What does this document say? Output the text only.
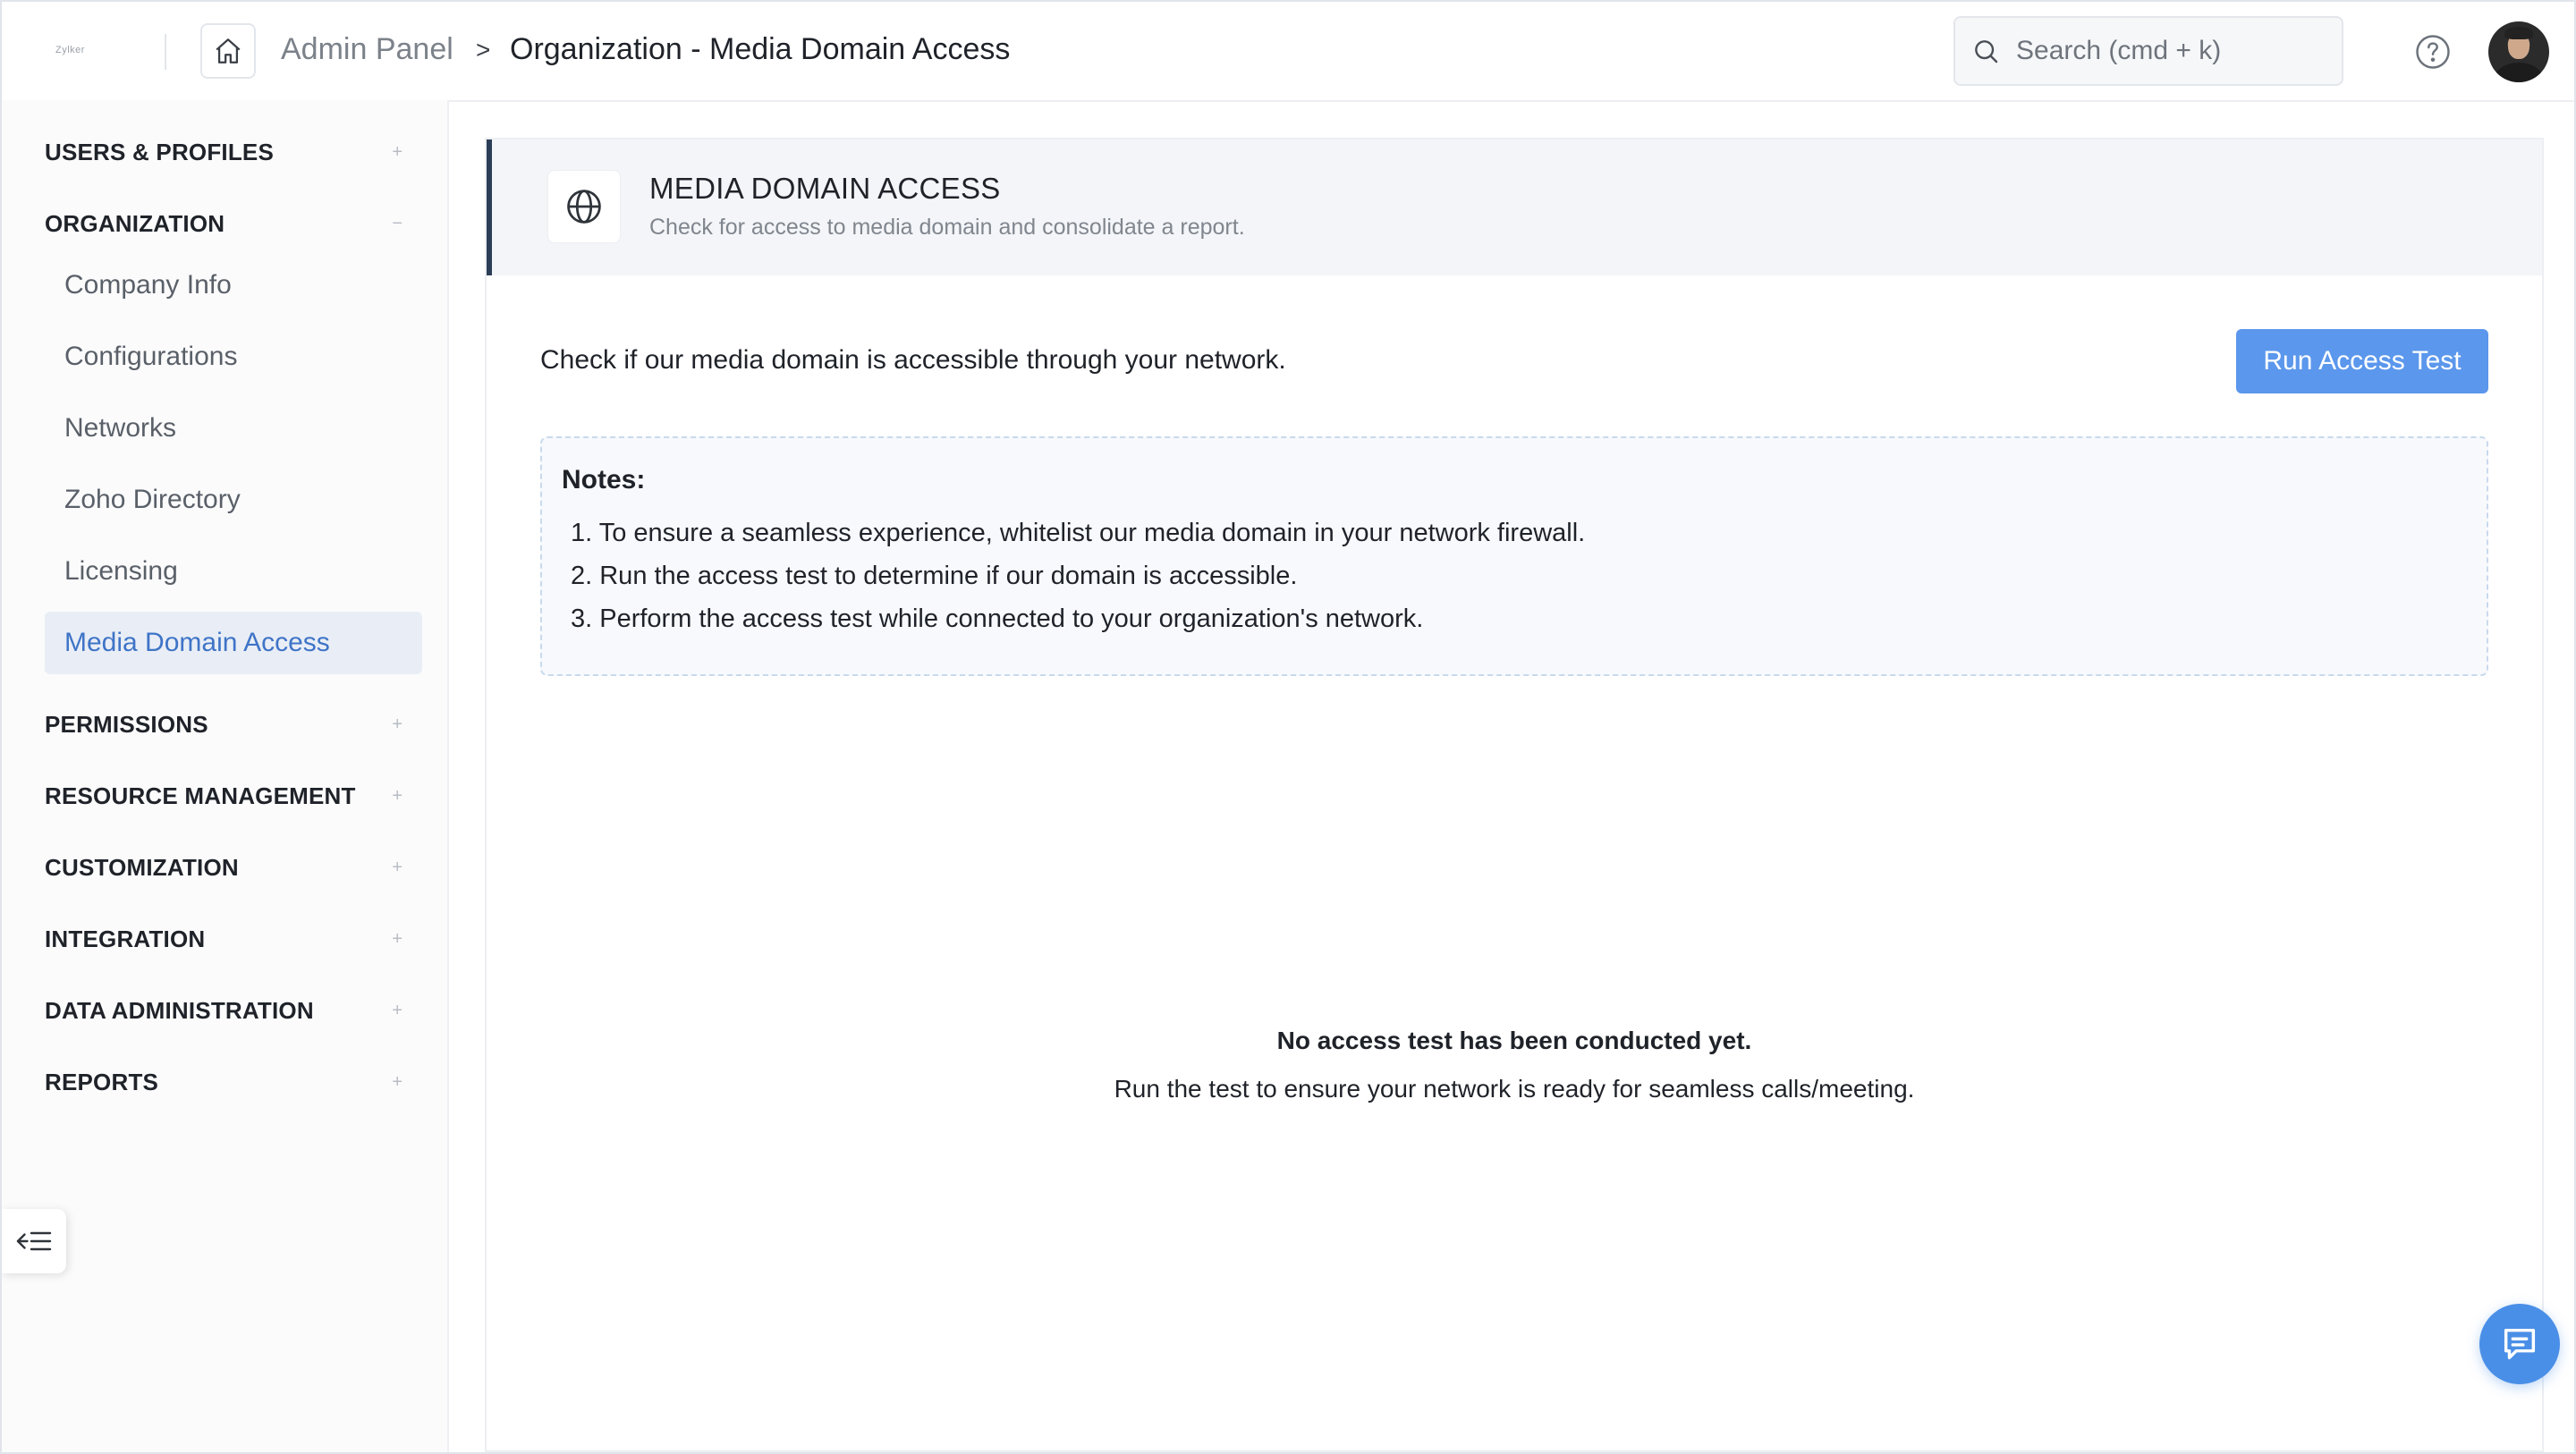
Zylker	Admin Panel > Organization - Media Domain Access
Search (cmd + k)
USERS & PROFILES	+
ORGANIZATION	−
Company Info
Configurations
Networks
Zoho Directory
Licensing
Media Domain Access
PERMISSIONS	+
RESOURCE MANAGEMENT +
CUSTOMIZATION	+
INTEGRATION	+
DATA ADMINISTRATION	+
REPORTS	+
MEDIA DOMAIN ACCESS
Check for access to media domain and consolidate a report.
Check if our media domain is accessible through your network.	Run Access Test
Notes:
1. To ensure a seamless experience, whitelist our media domain in your network firewall.
2. Run the access test to determine if our domain is accessible.
3. Perform the access test while connected to your organization's network.
No access test has been conducted yet.
Run the test to ensure your network is ready for seamless calls/meeting.
